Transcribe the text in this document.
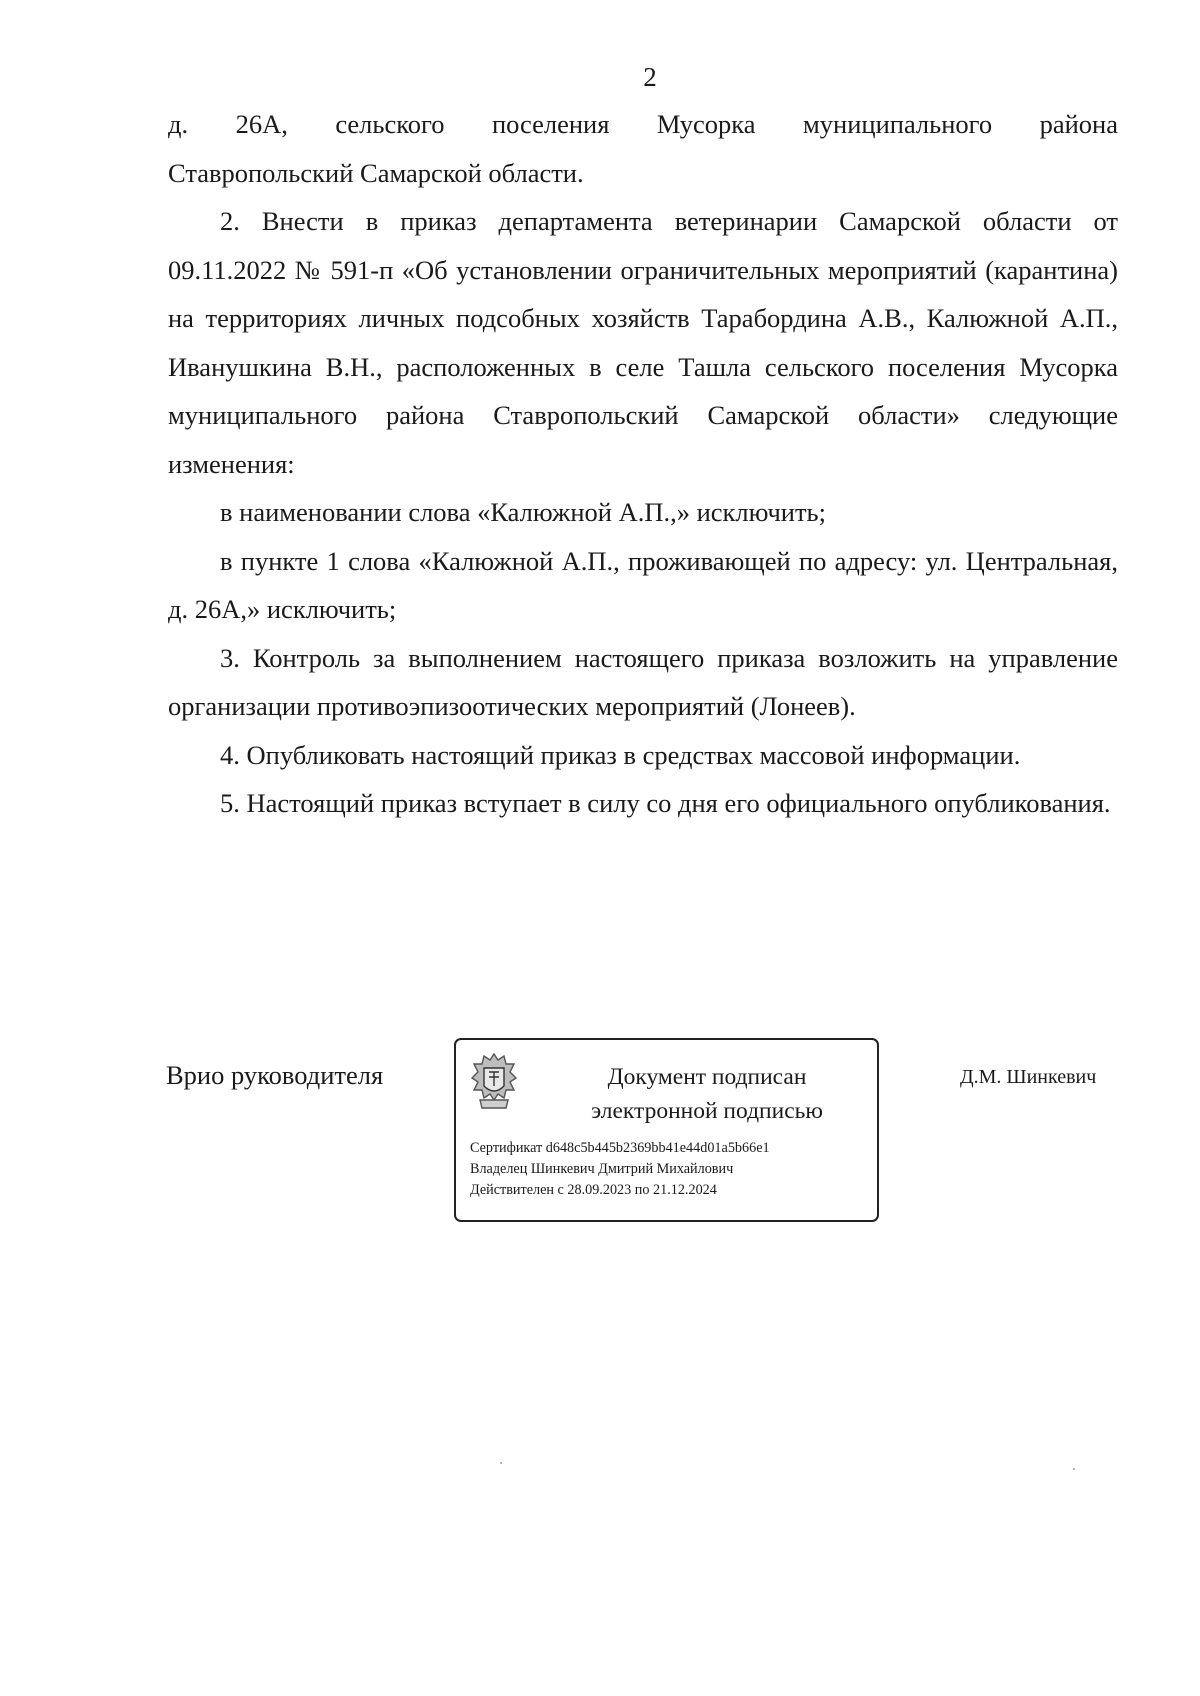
2

д. 26А, сельского поселения Мусорка муниципального района

Ставропольский Самарской области.

2. Внести в приказ департамента ветеринарии Самарской области от 09.11.2022 № 591-п «Об установлении ограничительных мероприятий (карантина) на территориях личных подсобных хозяйств Тарабордина А.В., Калюжной А.П., Иванушкина В.Н., расположенных в селе Ташла сельского поселения Мусорка муниципального района Ставропольский Самарской области» следующие изменения:

в наименовании слова «Калюжной А.П.,» исключить;

в пункте 1 слова «Калюжной А.П., проживающей по адресу: ул. Центральная, д. 26А,» исключить;

3. Контроль за выполнением настоящего приказа возложить на управление организации противоэпизоотических мероприятий (Лонеев).

4. Опубликовать настоящий приказ в средствах массовой информации.

5. Настоящий приказ вступает в силу со дня его официального опубликования.

Врио руководителя	Документ подписан
электронной подписью
Сертификат d648c5b445b2369bb41e44d01a5b66e1
Владелец Шинкевич Дмитрий Михайлович
Действителен с 28.09.2023 по 21.12.2024
Д.М. Шинкевич
